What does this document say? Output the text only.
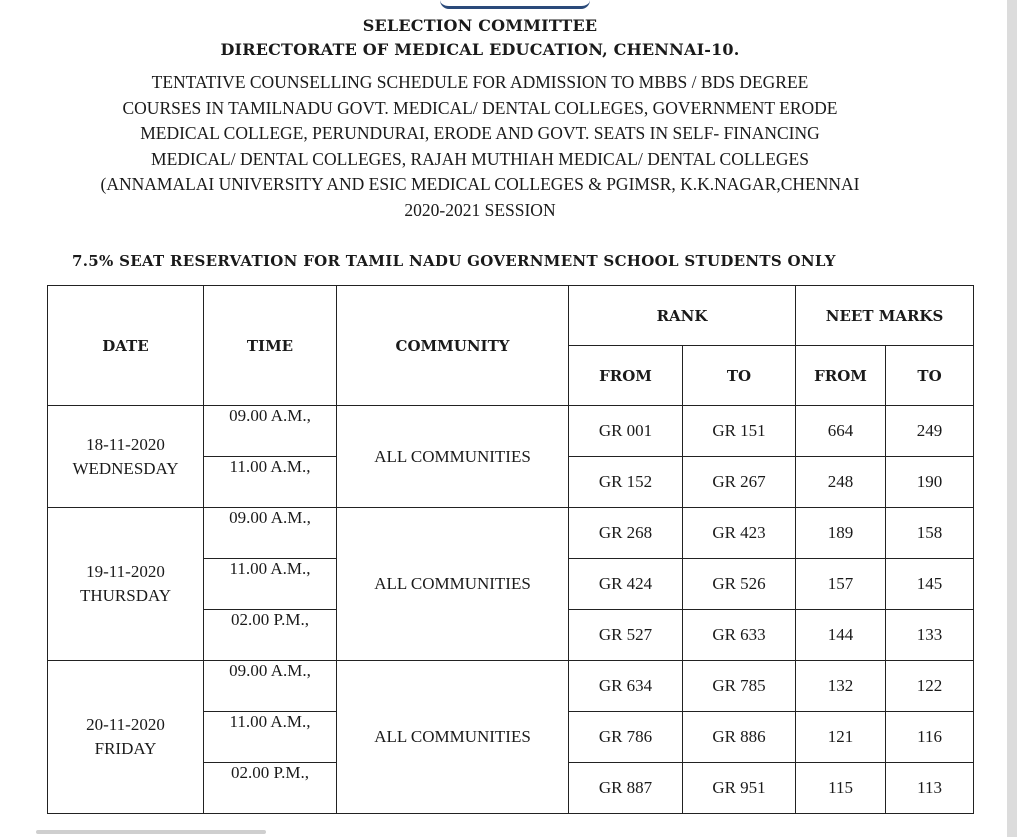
SELECTION COMMITTEE
DIRECTORATE OF MEDICAL EDUCATION, CHENNAI-10.
TENTATIVE COUNSELLING SCHEDULE FOR ADMISSION TO MBBS / BDS DEGREE
COURSES IN TAMILNADU GOVT. MEDICAL/ DENTAL COLLEGES, GOVERNMENT ERODE
MEDICAL COLLEGE, PERUNDURAI, ERODE AND GOVT. SEATS IN SELF- FINANCING
MEDICAL/ DENTAL COLLEGES, RAJAH MUTHIAH MEDICAL/ DENTAL COLLEGES
(ANNAMALAI UNIVERSITY AND ESIC MEDICAL COLLEGES & PGIMSR, K.K.NAGAR,CHENNAI
2020-2021 SESSION
7.5% SEAT RESERVATION FOR TAMIL NADU GOVERNMENT SCHOOL STUDENTS ONLY
DATE	TIME	COMMUNITY	RANK		NEET MARKS	
			FROM	TO	FROM	TO

18-11-2020
WEDNESDAY	09.00 A.M.,	ALL COMMUNITIES	GR 001	GR 151	664	249
	11.00 A.M.,		GR 152	GR 267	248	190

19-11-2020
THURSDAY	09.00 A.M.,	ALL COMMUNITIES	GR 268	GR 423	189	158
	11.00 A.M.,		GR 424	GR 526	157	145
	02.00 P.M.,		GR 527	GR 633	144	133

20-11-2020
FRIDAY	09.00 A.M.,	ALL COMMUNITIES	GR 634	GR 785	132	122
	11.00 A.M.,		GR 786	GR 886	121	116
	02.00 P.M.,		GR 887	GR 951	115	113
